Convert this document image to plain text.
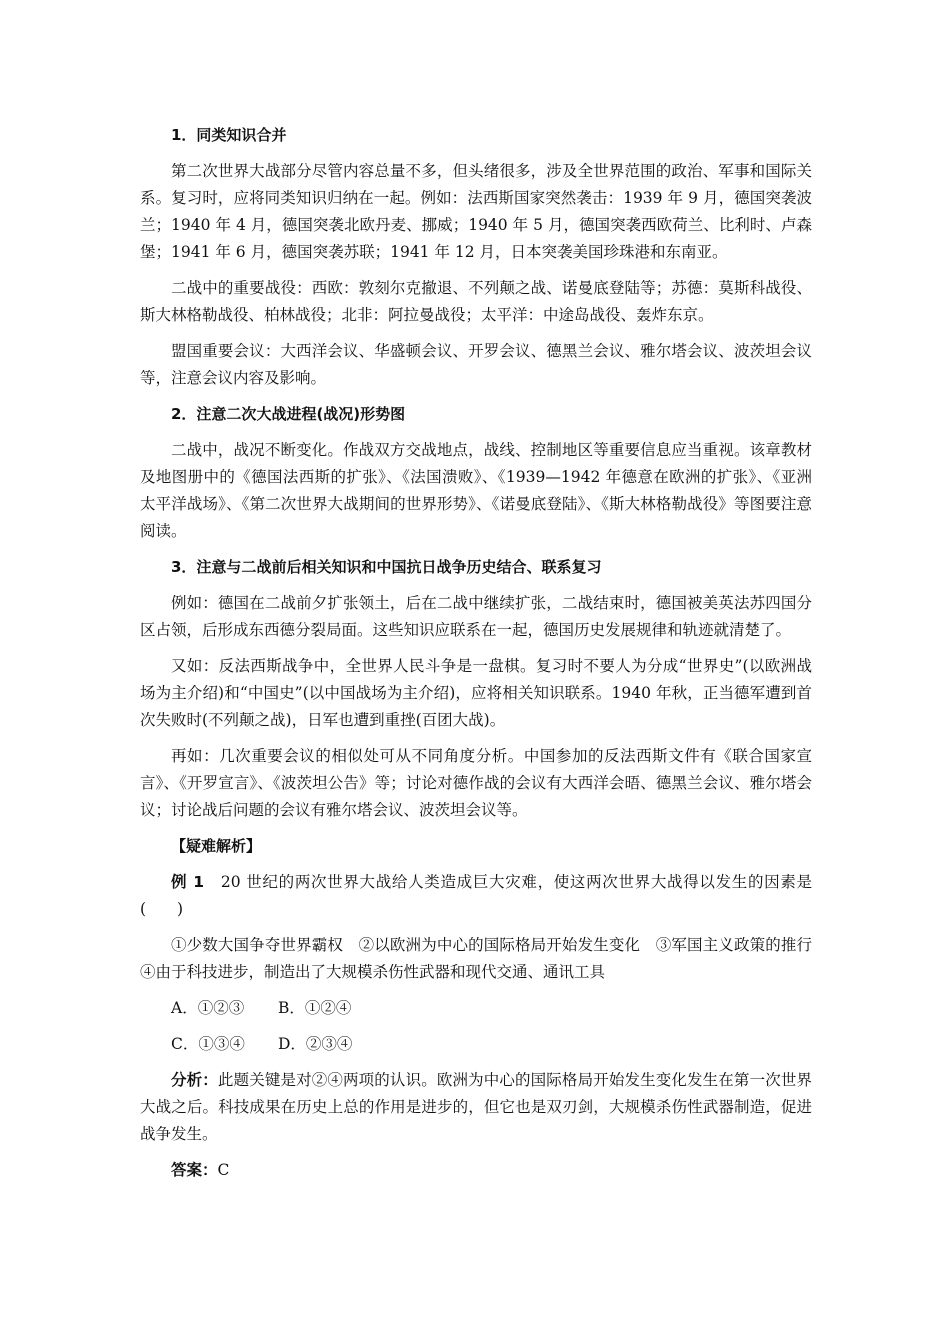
1．同类知识合并

第二次世界大战部分尽管内容总量不多，但头绪很多，涉及全世界范围的政治、军事和国际关系。复习时，应将同类知识归纳在一起。例如：法西斯国家突然袭击：1939 年 9 月，德国突袭波兰；1940 年 4 月，德国突袭北欧丹麦、挪威；1940 年 5 月，德国突袭西欧荷兰、比利时、卢森堡；1941 年 6 月，德国突袭苏联；1941 年 12 月，日本突袭美国珍珠港和东南亚。

二战中的重要战役：西欧：敦刻尔克撤退、不列颠之战、诺曼底登陆等；苏德：莫斯科战役、斯大林格勒战役、柏林战役；北非：阿拉曼战役；太平洋：中途岛战役、轰炸东京。

盟国重要会议：大西洋会议、华盛顿会议、开罗会议、德黑兰会议、雅尔塔会议、波茨坦会议等，注意会议内容及影响。

2．注意二次大战进程(战况)形势图

二战中，战况不断变化。作战双方交战地点，战线、控制地区等重要信息应当重视。该章教材及地图册中的《德国法西斯的扩张》、《法国溃败》、《1939—1942 年德意在欧洲的扩张》、《亚洲太平洋战场》、《第二次世界大战期间的世界形势》、《诺曼底登陆》、《斯大林格勒战役》等图要注意阅读。

3．注意与二战前后相关知识和中国抗日战争历史结合、联系复习

例如：德国在二战前夕扩张领土，后在二战中继续扩张，二战结束时，德国被美英法苏四国分区占领，后形成东西德分裂局面。这些知识应联系在一起，德国历史发展规律和轨迹就清楚了。

又如：反法西斯战争中，全世界人民斗争是一盘棋。复习时不要人为分成“世界史”(以欧洲战场为主介绍)和“中国史”(以中国战场为主介绍)，应将相关知识联系。1940 年秋，正当德军遭到首次失败时(不列颠之战)，日军也遭到重挫(百团大战)。

再如：几次重要会议的相似处可从不同角度分析。中国参加的反法西斯文件有《联合国家宣言》、《开罗宣言》、《波茨坦公告》等；讨论对德作战的会议有大西洋会晤、德黑兰会议、雅尔塔会议；讨论战后问题的会议有雅尔塔会议、波茨坦会议等。

【疑难解析】

例 1　20 世纪的两次世界大战给人类造成巨大灾难，使这两次世界大战得以发生的因素是(　　)

①少数大国争夺世界霸权　②以欧洲为中心的国际格局开始发生变化　③军国主义政策的推行　④由于科技进步，制造出了大规模杀伤性武器和现代交通、通讯工具

A．①②③ B．①②④
C．①③④ D．②③④

分析：此题关键是对②④两项的认识。欧洲为中心的国际格局开始发生变化发生在第一次世界大战之后。科技成果在历史上总的作用是进步的，但它也是双刃剑，大规模杀伤性武器制造，促进战争发生。

答案：C
